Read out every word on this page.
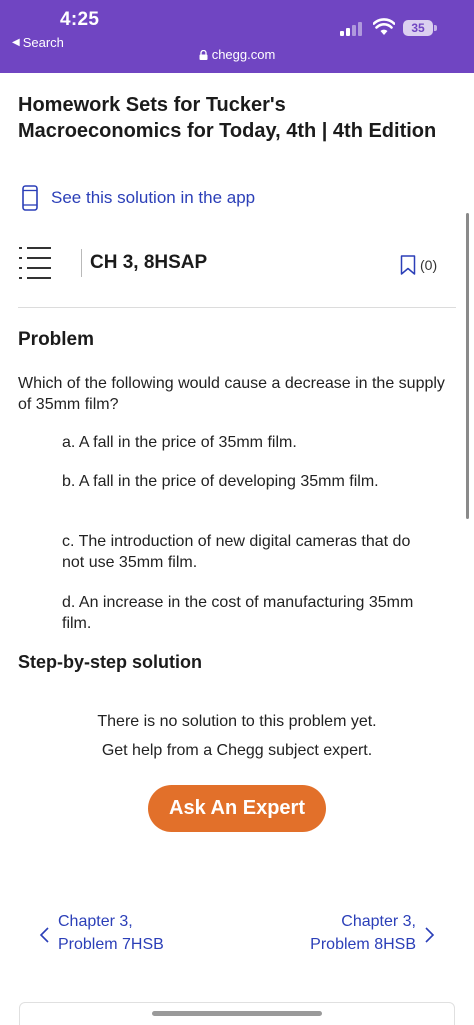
4:25
◀ Search
35
chegg.com
Homework Sets for Tucker's Macroeconomics for Today, 4th | 4th Edition
See this solution in the app
CH 3, 8HSAP	(0)
Problem
Which of the following would cause a decrease in the supply of 35mm film?
a. A fall in the price of 35mm film.
b. A fall in the price of developing 35mm film.
c. The introduction of new digital cameras that do not use 35mm film.
d. An increase in the cost of manufacturing 35mm film.
Step-by-step solution
There is no solution to this problem yet.
Get help from a Chegg subject expert.
Ask An Expert
Chapter 3,
Problem 7HSB
Chapter 3,
Problem 8HSB
